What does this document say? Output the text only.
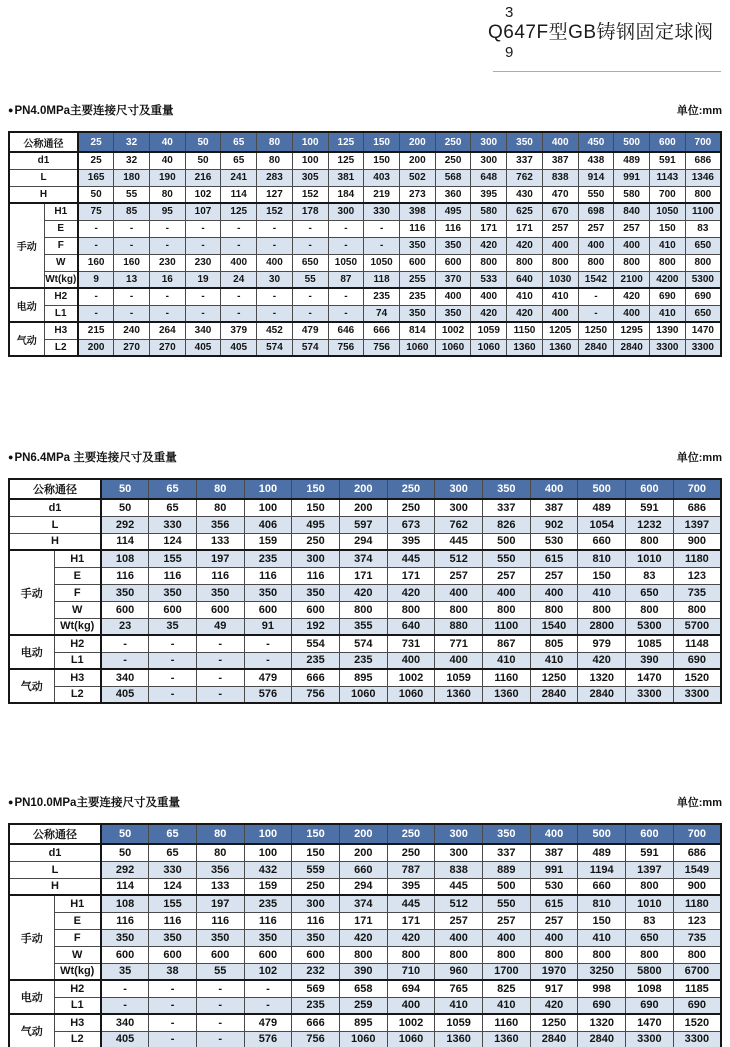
3
Q647F型GB铸钢固定球阀
9
●PN4.0MPa主要连接尺寸及重量	单位:mm
公称通径		25	32	40	50	65	80	100	125	150	200	250	300	350	400	450	500	600	700
d1		25	32	40	50	65	80	100	125	150	200	250	300	337	387	438	489	591	686
L		165	180	190	216	241	283	305	381	403	502	568	648	762	838	914	991	1143	1346
H		50	55	80	102	114	127	152	184	219	273	360	395	430	470	550	580	700	800
手动	H1	75	85	95	107	125	152	178	300	330	398	495	580	625	670	698	840	1050	1100
	E	-	-	-	-	-	-	-	-	-	116	116	171	171	257	257	257	150	83
	F	-	-	-	-	-	-	-	-	-	350	350	420	420	400	400	400	410	650
	W	160	160	230	230	400	400	650	1050	1050	600	600	800	800	800	800	800	800	800
	Wt(kg)	9	13	16	19	24	30	55	87	118	255	370	533	640	1030	1542	2100	4200	5300
电动	H2	-	-	-	-	-	-	-	-	235	235	400	400	410	410	-	420	690	690
	L1	-	-	-	-	-	-	-	-	74	350	350	420	420	400	-	400	410	650
气动	H3	215	240	264	340	379	452	479	646	666	814	1002	1059	1150	1205	1250	1295	1390	1470
	L2	200	270	270	405	405	574	574	756	756	1060	1060	1060	1360	1360	2840	2840	3300	3300
●PN6.4MPa 主要连接尺寸及重量	单位:mm
公称通径		50	65	80	100	150	200	250	300	350	400	500	600	700
d1		50	65	80	100	150	200	250	300	337	387	489	591	686
L		292	330	356	406	495	597	673	762	826	902	1054	1232	1397
H		114	124	133	159	250	294	395	445	500	530	660	800	900
手动	H1	108	155	197	235	300	374	445	512	550	615	810	1010	1180
	E	116	116	116	116	116	171	171	257	257	257	150	83	123
	F	350	350	350	350	350	420	420	400	400	400	410	650	735
	W	600	600	600	600	600	800	800	800	800	800	800	800	800
	Wt(kg)	23	35	49	91	192	355	640	880	1100	1540	2800	5300	5700
电动	H2	-	-	-	-	554	574	731	771	867	805	979	1085	1148
	L1	-	-	-	-	235	235	400	400	410	410	420	390	690
气动	H3	340	-	-	479	666	895	1002	1059	1160	1250	1320	1470	1520
	L2	405	-	-	576	756	1060	1060	1360	1360	2840	2840	3300	3300
●PN10.0MPa主要连接尺寸及重量	单位:mm
公称通径		50	65	80	100	150	200	250	300	350	400	500	600	700
d1		50	65	80	100	150	200	250	300	337	387	489	591	686
L		292	330	356	432	559	660	787	838	889	991	1194	1397	1549
H		114	124	133	159	250	294	395	445	500	530	660	800	900
手动	H1	108	155	197	235	300	374	445	512	550	615	810	1010	1180
	E	116	116	116	116	116	171	171	257	257	257	150	83	123
	F	350	350	350	350	350	420	420	400	400	400	410	650	735
	W	600	600	600	600	600	800	800	800	800	800	800	800	800
	Wt(kg)	35	38	55	102	232	390	710	960	1700	1970	3250	5800	6700
电动	H2	-	-	-	-	569	658	694	765	825	917	998	1098	1185
	L1	-	-	-	-	235	259	400	410	410	420	690	690	690
气动	H3	340	-	-	479	666	895	1002	1059	1160	1250	1320	1470	1520
	L2	405	-	-	576	756	1060	1060	1360	1360	2840	2840	3300	3300
